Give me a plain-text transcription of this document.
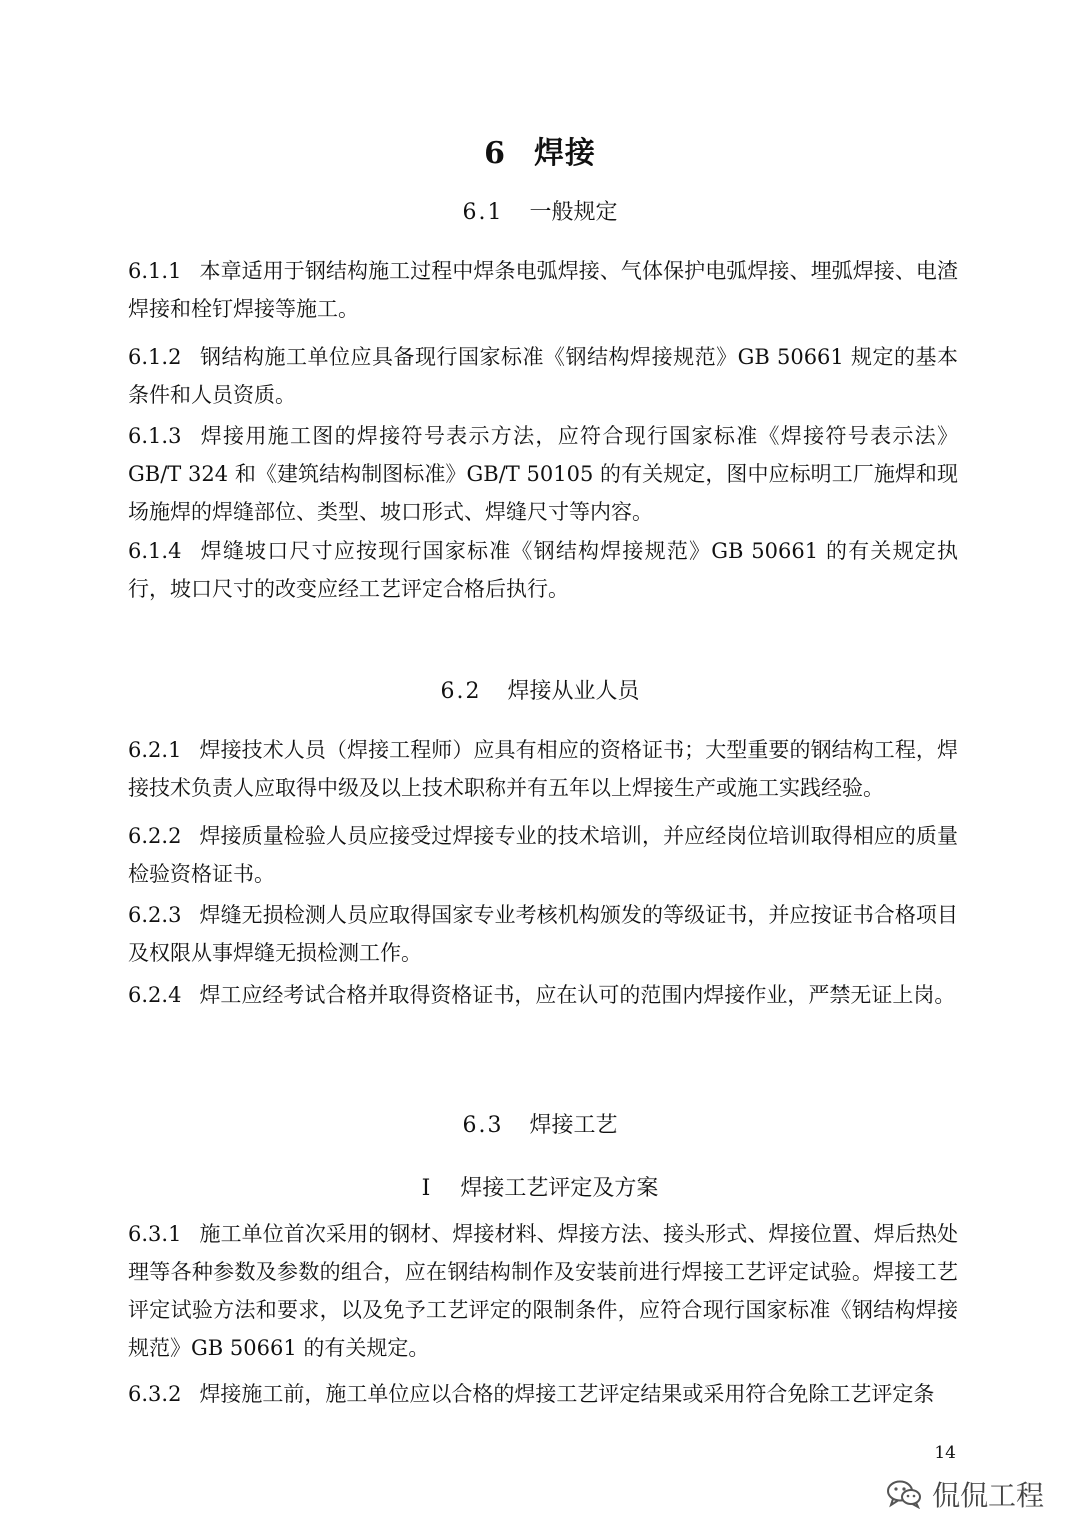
6 焊接
6.1 一般规定
6.1.1 本章适用于钢结构施工过程中焊条电弧焊接、气体保护电弧焊接、埋弧焊接、电渣焊接和栓钉焊接等施工。
6.1.2 钢结构施工单位应具备现行国家标准《钢结构焊接规范》GB 50661 规定的基本条件和人员资质。
6.1.3 焊接用施工图的焊接符号表示方法，应符合现行国家标准《焊接符号表示法》GB/T 324 和《建筑结构制图标准》GB/T 50105 的有关规定，图中应标明工厂施焊和现场施焊的焊缝部位、类型、坡口形式、焊缝尺寸等内容。
6.1.4 焊缝坡口尺寸应按现行国家标准《钢结构焊接规范》GB 50661 的有关规定执行，坡口尺寸的改变应经工艺评定合格后执行。
6.2 焊接从业人员
6.2.1 焊接技术人员（焊接工程师）应具有相应的资格证书；大型重要的钢结构工程，焊接技术负责人应取得中级及以上技术职称并有五年以上焊接生产或施工实践经验。
6.2.2 焊接质量检验人员应接受过焊接专业的技术培训，并应经岗位培训取得相应的质量检验资格证书。
6.2.3 焊缝无损检测人员应取得国家专业考核机构颁发的等级证书，并应按证书合格项目及权限从事焊缝无损检测工作。
6.2.4 焊工应经考试合格并取得资格证书，应在认可的范围内焊接作业，严禁无证上岗。
6.3 焊接工艺
Ⅰ 焊接工艺评定及方案
6.3.1 施工单位首次采用的钢材、焊接材料、焊接方法、接头形式、焊接位置、焊后热处理等各种参数及参数的组合，应在钢结构制作及安装前进行焊接工艺评定试验。焊接工艺评定试验方法和要求，以及免予工艺评定的限制条件，应符合现行国家标准《钢结构焊接规范》GB 50661 的有关规定。
6.3.2 焊接施工前，施工单位应以合格的焊接工艺评定结果或采用符合免除工艺评定条
14
侃侃工程
